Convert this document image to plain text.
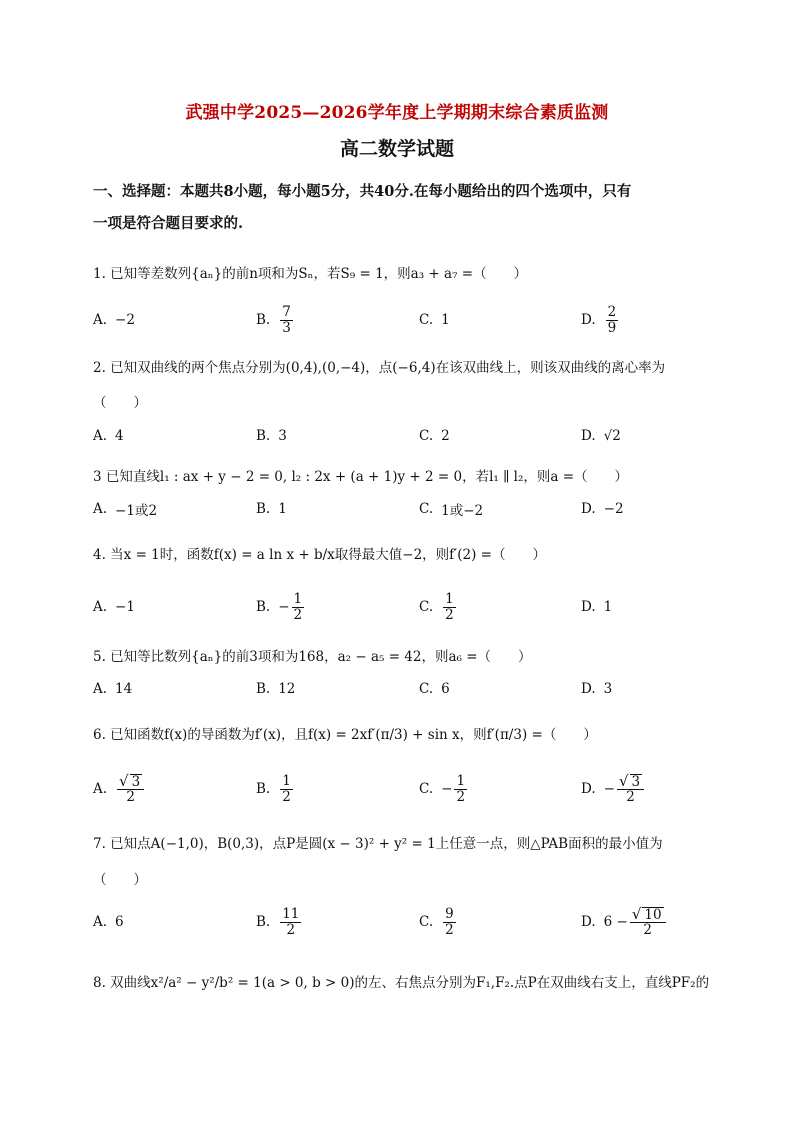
武强中学2025—2026学年度上学期期末综合素质监测
高二数学试题
一、选择题：本题共8小题，每小题5分，共40分.在每小题给出的四个选项中，只有
一项是符合题目要求的.
1. 已知等差数列{aₙ}的前n项和为Sₙ，若S₉ = 1，则a₃ + a₇ =（　　）
A. −2	B. $\frac{7}{3}$	C. 1	D. $\frac{2}{9}$
2. 已知双曲线的两个焦点分别为(0,4),(0,−4)，点(−6,4)在该双曲线上，则该双曲线的离心率为
（　　）
A. 4	B. 3	C. 2	D. √2
3 已知直线l₁ : ax + y − 2 = 0, l₂ : 2x + (a + 1)y + 2 = 0，若l₁ ∥ l₂，则a =（　　）
A. −1或2	B. 1	C. 1或−2	D. −2
4. 当x = 1时，函数f(x) = a ln x + b/x取得最大值−2，则f′(2) =（　　）
A. −1	B. − $\frac{1}{2}$	C. $\frac{1}{2}$	D. 1
5. 已知等比数列{aₙ}的前3项和为168，a₂ − a₅ = 42，则a₆ =（　　）
A. 14	B. 12	C. 6	D. 3
6. 已知函数f(x)的导函数为f′(x)，且f(x) = 2xf′(π/3) + sin x，则f′(π/3) =（　　）
A. $\frac{√ 3}{2}$	B. $\frac{1}{2}$	C. − $\frac{1}{2}$	D. − $\frac{√ 3}{2}$
7. 已知点A(−1,0)，B(0,3)，点P是圆(x − 3)² + y² = 1上任意一点，则△PAB面积的最小值为
（　　）
A. 6	B. $\frac{11}{2}$	C. $\frac{9}{2}$	D. $6 - \frac{√ 10}{2}$
8. 双曲线x²/a² − y²/b² = 1(a > 0, b > 0)的左、右焦点分别为F₁,F₂.点P在双曲线右支上，直线PF₂的
